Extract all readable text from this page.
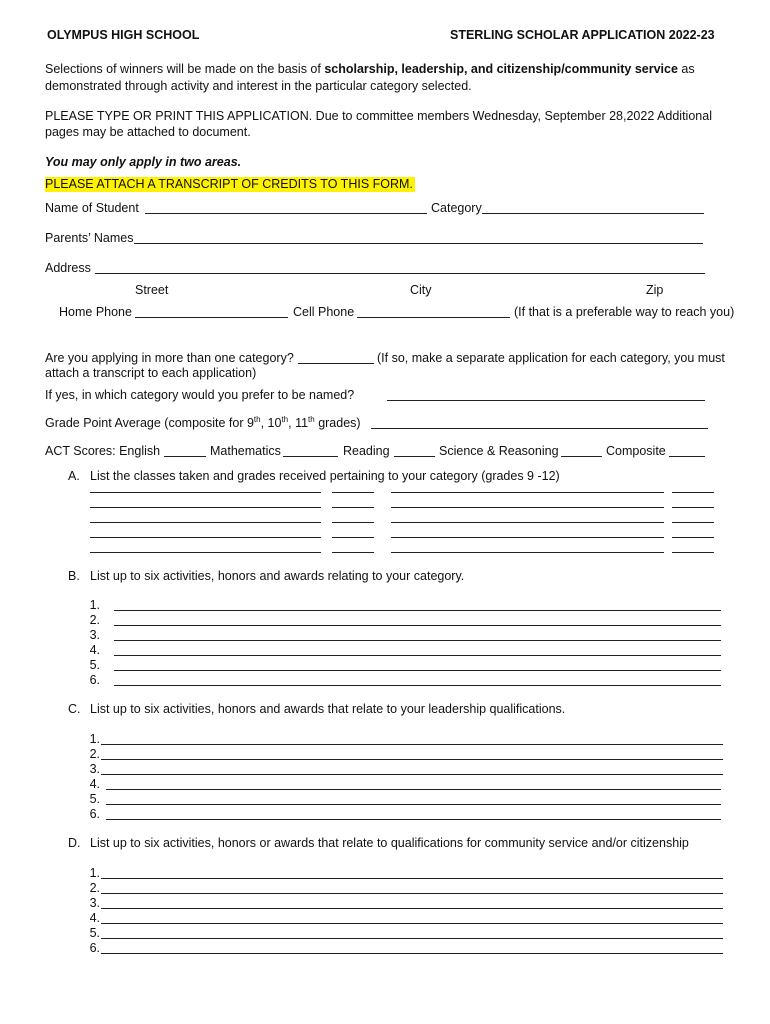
OLYMPUS HIGH SCHOOL	STERLING SCHOLAR APPLICATION 2022-23
Selections of winners will be made on the basis of scholarship, leadership, and citizenship/community service as
demonstrated through activity and interest in the particular category selected.
PLEASE TYPE OR PRINT THIS APPLICATION. Due to committee members Wednesday, September 28,2022 Additional
pages may be attached to document.
You may only apply in two areas.
PLEASE ATTACH A TRANSCRIPT OF CREDITS TO THIS FORM.
Name of Student	Category
Parents’ Names
Address
Street	City	Zip
Home Phone	Cell Phone	(If that is a preferable way to reach you)
Are you applying in more than one category?	(If so, make a separate application for each category, you must
attach a transcript to each application)
If yes, in which category would you prefer to be named?
Grade Point Average (composite for 9th, 10th, 11th grades)
ACT Scores: English	Mathematics	Reading	Science & Reasoning	Composite
A. List the classes taken and grades received pertaining to your category (grades 9 -12)
B. List up to six activities, honors and awards relating to your category.
1.
2.
3.
4.
5.
6.
C. List up to six activities, honors and awards that relate to your leadership qualifications.
1.
2.
3.
4.
5.
6.
D. List up to six activities, honors or awards that relate to qualifications for community service and/or citizenship
1.
2.
3.
4.
5.
6.
